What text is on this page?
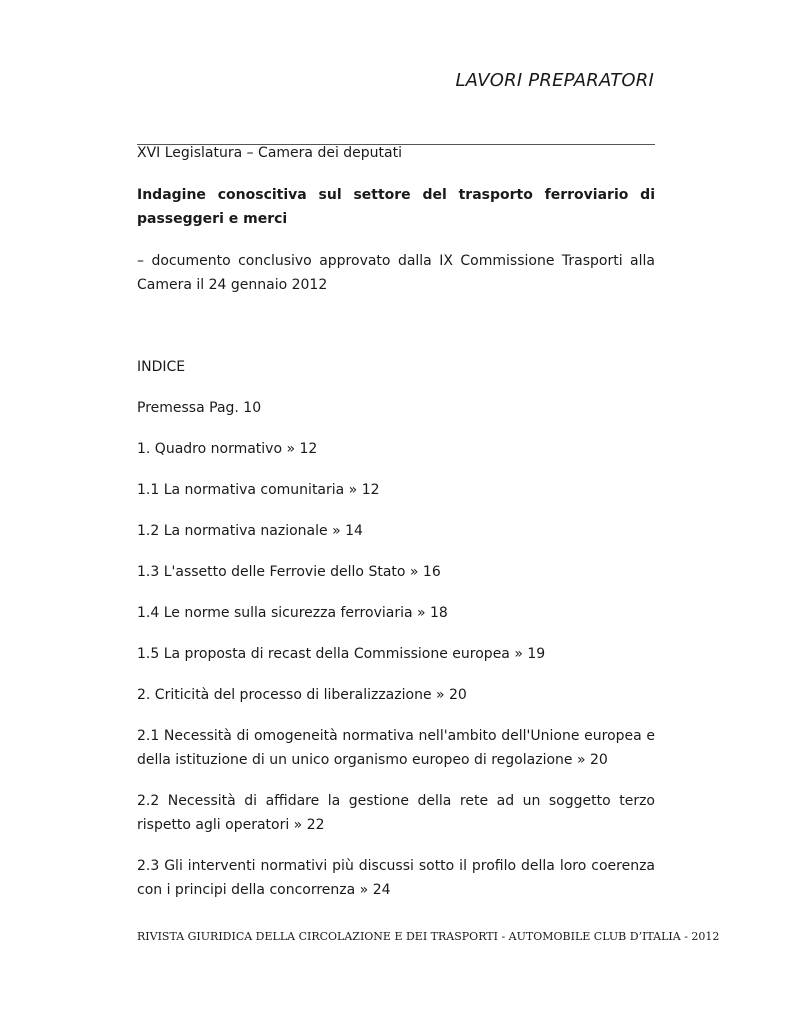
LAVORI PREPARATORI

XVI Legislatura – Camera dei deputati

Indagine conoscitiva sul settore del trasporto ferroviario di passeggeri e merci

– documento conclusivo approvato dalla IX Commissione Trasporti alla Camera il 24 gennaio 2012

INDICE

Premessa Pag. 10
1. Quadro normativo » 12
1.1 La normativa comunitaria » 12
1.2 La normativa nazionale » 14
1.3 L'assetto delle Ferrovie dello Stato » 16
1.4 Le norme sulla sicurezza ferroviaria » 18
1.5 La proposta di recast della Commissione europea » 19
2. Criticità del processo di liberalizzazione » 20
2.1 Necessità di omogeneità normativa nell'ambito dell'Unione europea e della istituzione di un unico organismo europeo di regolazione » 20
2.2 Necessità di affidare la gestione della rete ad un soggetto terzo rispetto agli operatori » 22
2.3 Gli interventi normativi più discussi sotto il profilo della loro coerenza con i principi della concorrenza » 24
RIVISTA GIURIDICA DELLA CIRCOLAZIONE E DEI TRASPORTI - AUTOMOBILE CLUB D’ITALIA - 2012
